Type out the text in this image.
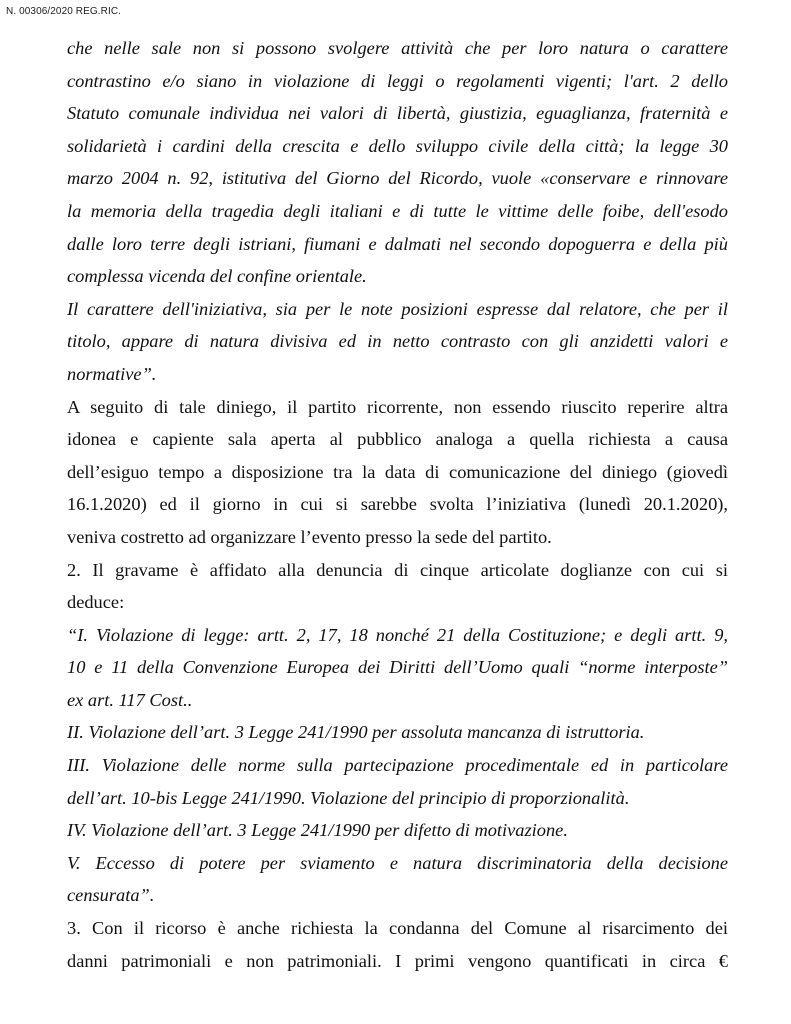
N. 00306/2020 REG.RIC.
che nelle sale non si possono svolgere attività che per loro natura o carattere
contrastino e/o siano in violazione di leggi o regolamenti vigenti; l'art. 2 dello
Statuto comunale individua nei valori di libertà, giustizia, eguaglianza, fraternità e
solidarietà i cardini della crescita e dello sviluppo civile della città; la legge 30
marzo 2004 n. 92, istitutiva del Giorno del Ricordo, vuole «conservare e rinnovare
la memoria della tragedia degli italiani e di tutte le vittime delle foibe, dell'esodo
dalle loro terre degli istriani, fiumani e dalmati nel secondo dopoguerra e della più
complessa vicenda del confine orientale.
Il carattere dell'iniziativa, sia per le note posizioni espresse dal relatore, che per il
titolo, appare di natura divisiva ed in netto contrasto con gli anzidetti valori e
normative”.
A seguito di tale diniego, il partito ricorrente, non essendo riuscito reperire altra
idonea e capiente sala aperta al pubblico analoga a quella richiesta a causa
dell’esiguo tempo a disposizione tra la data di comunicazione del diniego (giovedì
16.1.2020) ed il giorno in cui si sarebbe svolta l’iniziativa (lunedì 20.1.2020),
veniva costretto ad organizzare l’evento presso la sede del partito.
2. Il gravame è affidato alla denuncia di cinque articolate doglianze con cui si
deduce:
“I. Violazione di legge: artt. 2, 17, 18 nonché 21 della Costituzione; e degli artt. 9,
10 e 11 della Convenzione Europea dei Diritti dell’Uomo quali “norme interposte”
ex art. 117 Cost..
II. Violazione dell’art. 3 Legge 241/1990 per assoluta mancanza di istruttoria.
III. Violazione delle norme sulla partecipazione procedimentale ed in particolare
dell’art. 10-bis Legge 241/1990. Violazione del principio di proporzionalità.
IV. Violazione dell’art. 3 Legge 241/1990 per difetto di motivazione.
V. Eccesso di potere per sviamento e natura discriminatoria della decisione
censurata”.
3. Con il ricorso è anche richiesta la condanna del Comune al risarcimento dei
danni patrimoniali e non patrimoniali. I primi vengono quantificati in circa €
